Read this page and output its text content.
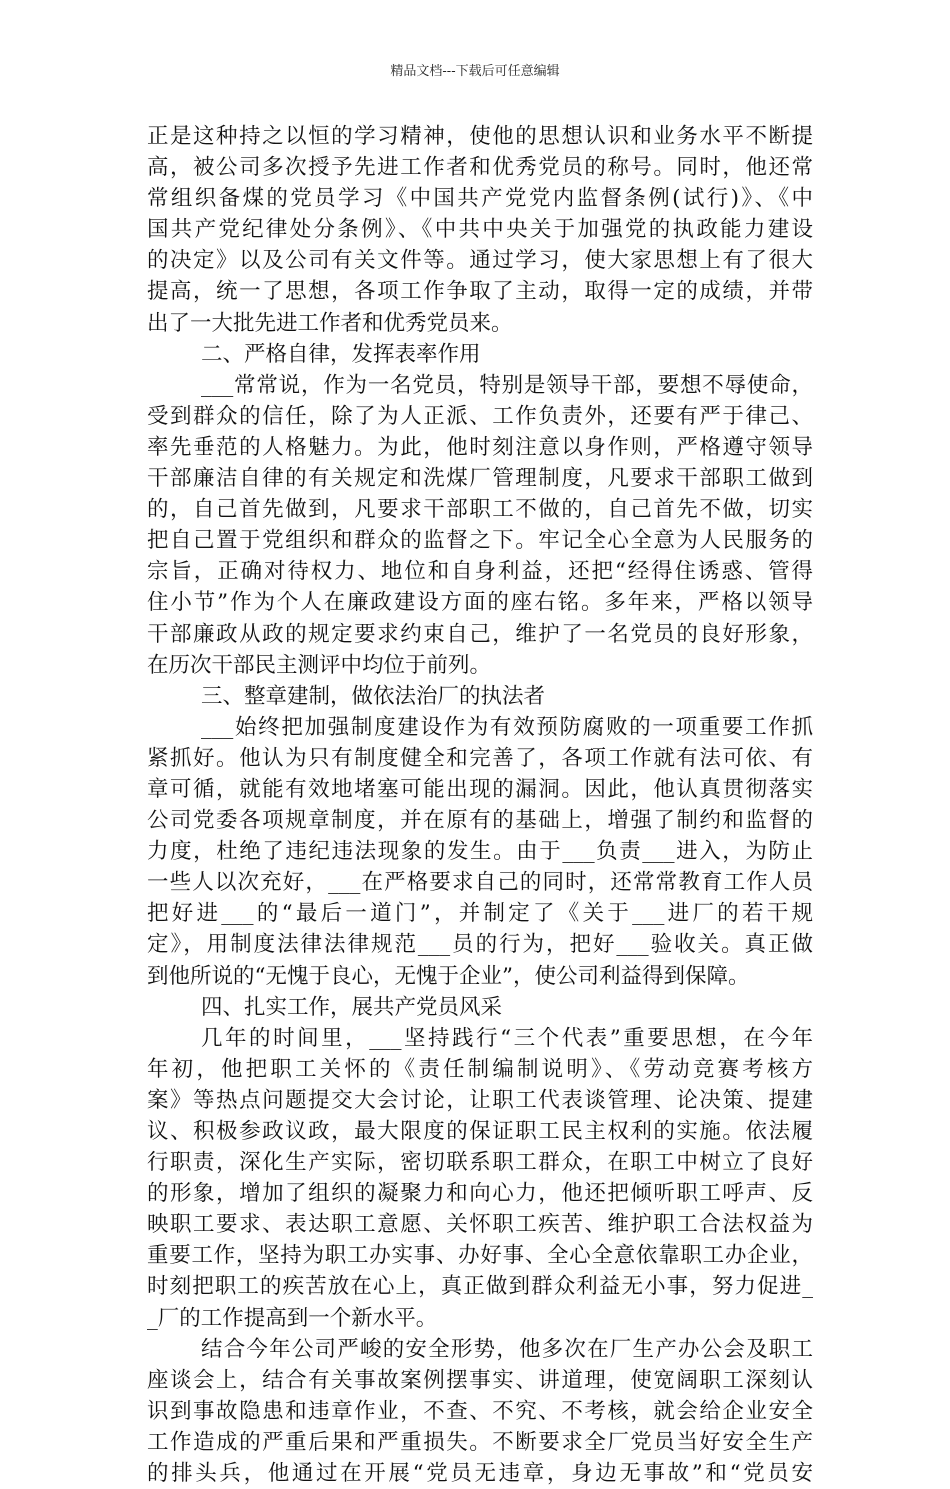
精品文档---下载后可任意编辑
正是这种持之以恒的学习精神，使他的思想认识和业务水平不断提
高，被公司多次授予先进工作者和优秀党员的称号。同时，他还常
常组织备煤的党员学习《中国共产党党内监督条例(试行)》、《中
国共产党纪律处分条例》、《中共中央关于加强党的执政能力建设
的决定》以及公司有关文件等。通过学习，使大家思想上有了很大
提高，统一了思想，各项工作争取了主动，取得一定的成绩，并带
出了一大批先进工作者和优秀党员来。
二、严格自律，发挥表率作用
___常常说，作为一名党员，特别是领导干部，要想不辱使命，
受到群众的信任，除了为人正派、工作负责外，还要有严于律己、
率先垂范的人格魅力。为此，他时刻注意以身作则，严格遵守领导
干部廉洁自律的有关规定和洗煤厂管理制度，凡要求干部职工做到
的，自己首先做到，凡要求干部职工不做的，自己首先不做，切实
把自己置于党组织和群众的监督之下。牢记全心全意为人民服务的
宗旨，正确对待权力、地位和自身利益，还把“经得住诱惑、管得
住小节”作为个人在廉政建设方面的座右铭。多年来，严格以领导
干部廉政从政的规定要求约束自己，维护了一名党员的良好形象，
在历次干部民主测评中均位于前列。
三、整章建制，做依法治厂的执法者
___始终把加强制度建设作为有效预防腐败的一项重要工作抓
紧抓好。他认为只有制度健全和完善了，各项工作就有法可依、有
章可循，就能有效地堵塞可能出现的漏洞。因此，他认真贯彻落实
公司党委各项规章制度，并在原有的基础上，增强了制约和监督的
力度，杜绝了违纪违法现象的发生。由于___负责___进入，为防止
一些人以次充好，___在严格要求自己的同时，还常常教育工作人员
把好进___的“最后一道门”，并制定了《关于___进厂的若干规
定》，用制度法律法律规范___员的行为，把好___验收关。真正做
到他所说的“无愧于良心，无愧于企业”，使公司利益得到保障。
四、扎实工作，展共产党员风采
几年的时间里，___坚持践行“三个代表”重要思想，在今年
年初，他把职工关怀的《责任制编制说明》、《劳动竞赛考核方
案》等热点问题提交大会讨论，让职工代表谈管理、论决策、提建
议、积极参政议政，最大限度的保证职工民主权利的实施。依法履
行职责，深化生产实际，密切联系职工群众，在职工中树立了良好
的形象，增加了组织的凝聚力和向心力，他还把倾听职工呼声、反
映职工要求、表达职工意愿、关怀职工疾苦、维护职工合法权益为
重要工作，坚持为职工办实事、办好事、全心全意依靠职工办企业，
时刻把职工的疾苦放在心上，真正做到群众利益无小事，努力促进_
_厂的工作提高到一个新水平。
结合今年公司严峻的安全形势，他多次在厂生产办公会及职工
座谈会上，结合有关事故案例摆事实、讲道理，使宽阔职工深刻认
识到事故隐患和违章作业，不查、不究、不考核，就会给企业安全
工作造成的严重后果和严重损失。不断要求全厂党员当好安全生产
的排头兵，他通过在开展“党员无违章，身边无事故”和“党员安
